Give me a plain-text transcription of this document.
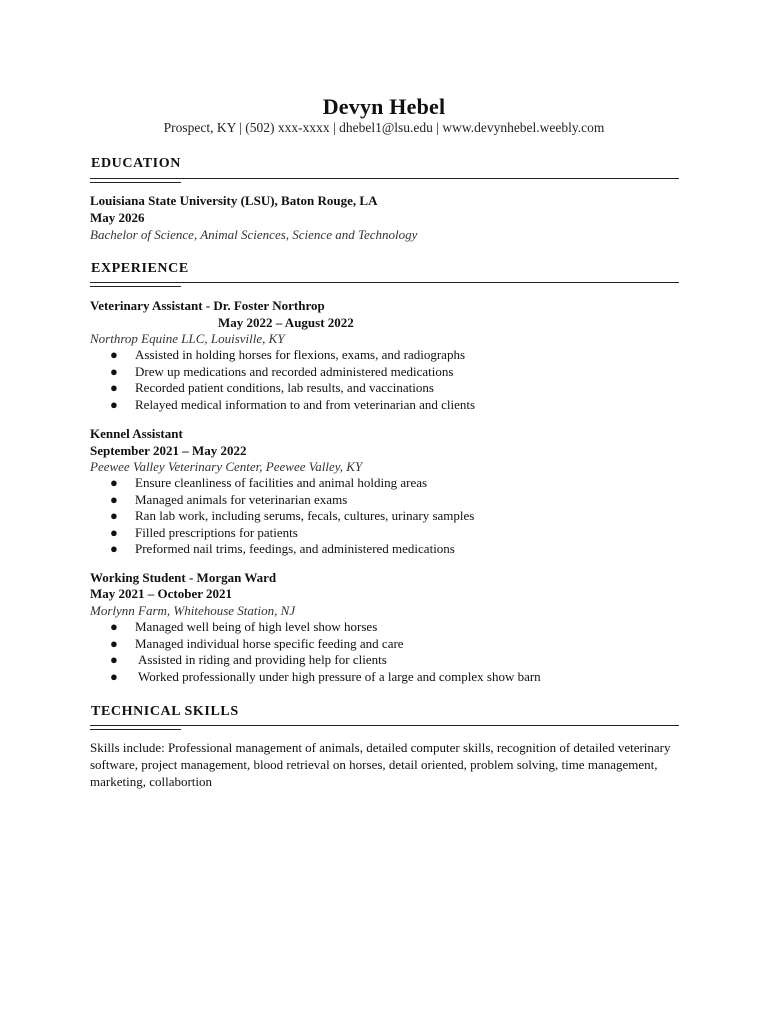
Devyn Hebel
Prospect, KY | (502) xxx-xxxx | dhebel1@lsu.edu | www.devynhebel.weebly.com
EDUCATION
Louisiana State University (LSU), Baton Rouge, LA
May 2026
Bachelor of Science, Animal Sciences, Science and Technology
EXPERIENCE
Veterinary Assistant - Dr. Foster Northrop
May 2022 – August 2022
Northrop Equine LLC, Louisville, KY
● Assisted in holding horses for flexions, exams, and radiographs
● Drew up medications and recorded administered medications
● Recorded patient conditions, lab results, and vaccinations
● Relayed medical information to and from veterinarian and clients
Kennel Assistant
September 2021 – May 2022
Peewee Valley Veterinary Center, Peewee Valley, KY
● Ensure cleanliness of facilities and animal holding areas
● Managed animals for veterinarian exams
● Ran lab work, including serums, fecals, cultures, urinary samples
● Filled prescriptions for patients
● Preformed nail trims, feedings, and administered medications
Working Student - Morgan Ward
May 2021 – October 2021
Morlynn Farm, Whitehouse Station, NJ
● Managed well being of high level show horses
● Managed individual horse specific feeding and care
● Assisted in riding and providing help for clients
● Worked professionally under high pressure of a large and complex show barn
TECHNICAL SKILLS
Skills include: Professional management of animals, detailed computer skills, recognition of detailed veterinary software, project management, blood retrieval on horses, detail oriented, problem solving, time management, marketing, collabortion
